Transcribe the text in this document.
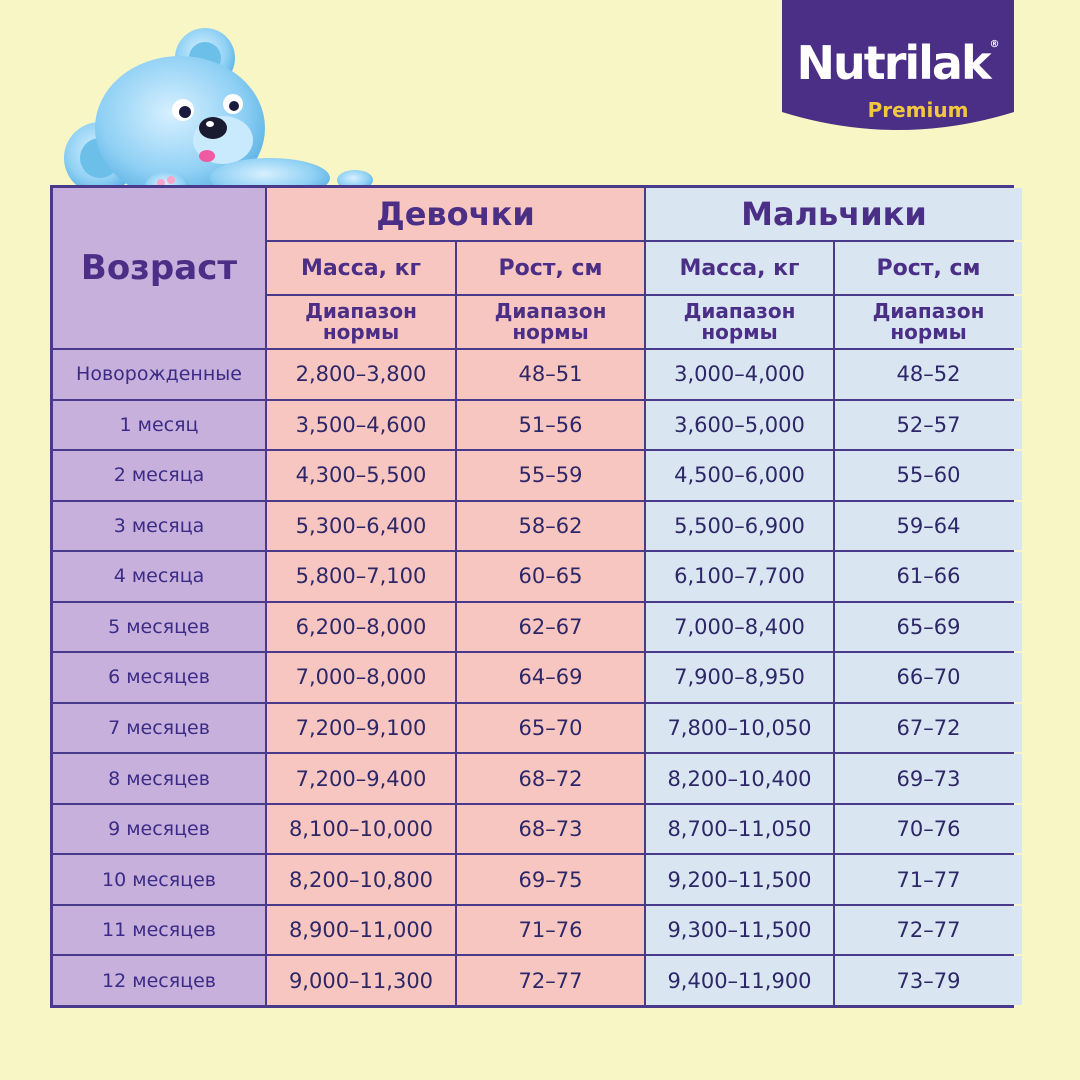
Nutrilak®
Premium
Возраст
Девочки	Мальчики
Масса, кг	Рост, см	Масса, кг	Рост, см
Диапазон нормы
Диапазон нормы
Диапазон нормы
Диапазон нормы
Новорожденные	2,800–3,800	48–51	3,000–4,000	48–52
1 месяц	3,500–4,600	51–56	3,600–5,000	52–57
2 месяца	4,300–5,500	55–59	4,500–6,000	55–60
3 месяца	5,300–6,400	58–62	5,500–6,900	59–64
4 месяца	5,800–7,100	60–65	6,100–7,700	61–66
5 месяцев	6,200–8,000	62–67	7,000–8,400	65–69
6 месяцев	7,000–8,000	64–69	7,900–8,950	66–70
7 месяцев	7,200–9,100	65–70	7,800–10,050	67–72
8 месяцев	7,200–9,400	68–72	8,200–10,400	69–73
9 месяцев	8,100–10,000	68–73	8,700–11,050	70–76
10 месяцев	8,200–10,800	69–75	9,200–11,500	71–77
11 месяцев	8,900–11,000	71–76	9,300–11,500	72–77
12 месяцев	9,000–11,300	72–77	9,400–11,900	73–79
